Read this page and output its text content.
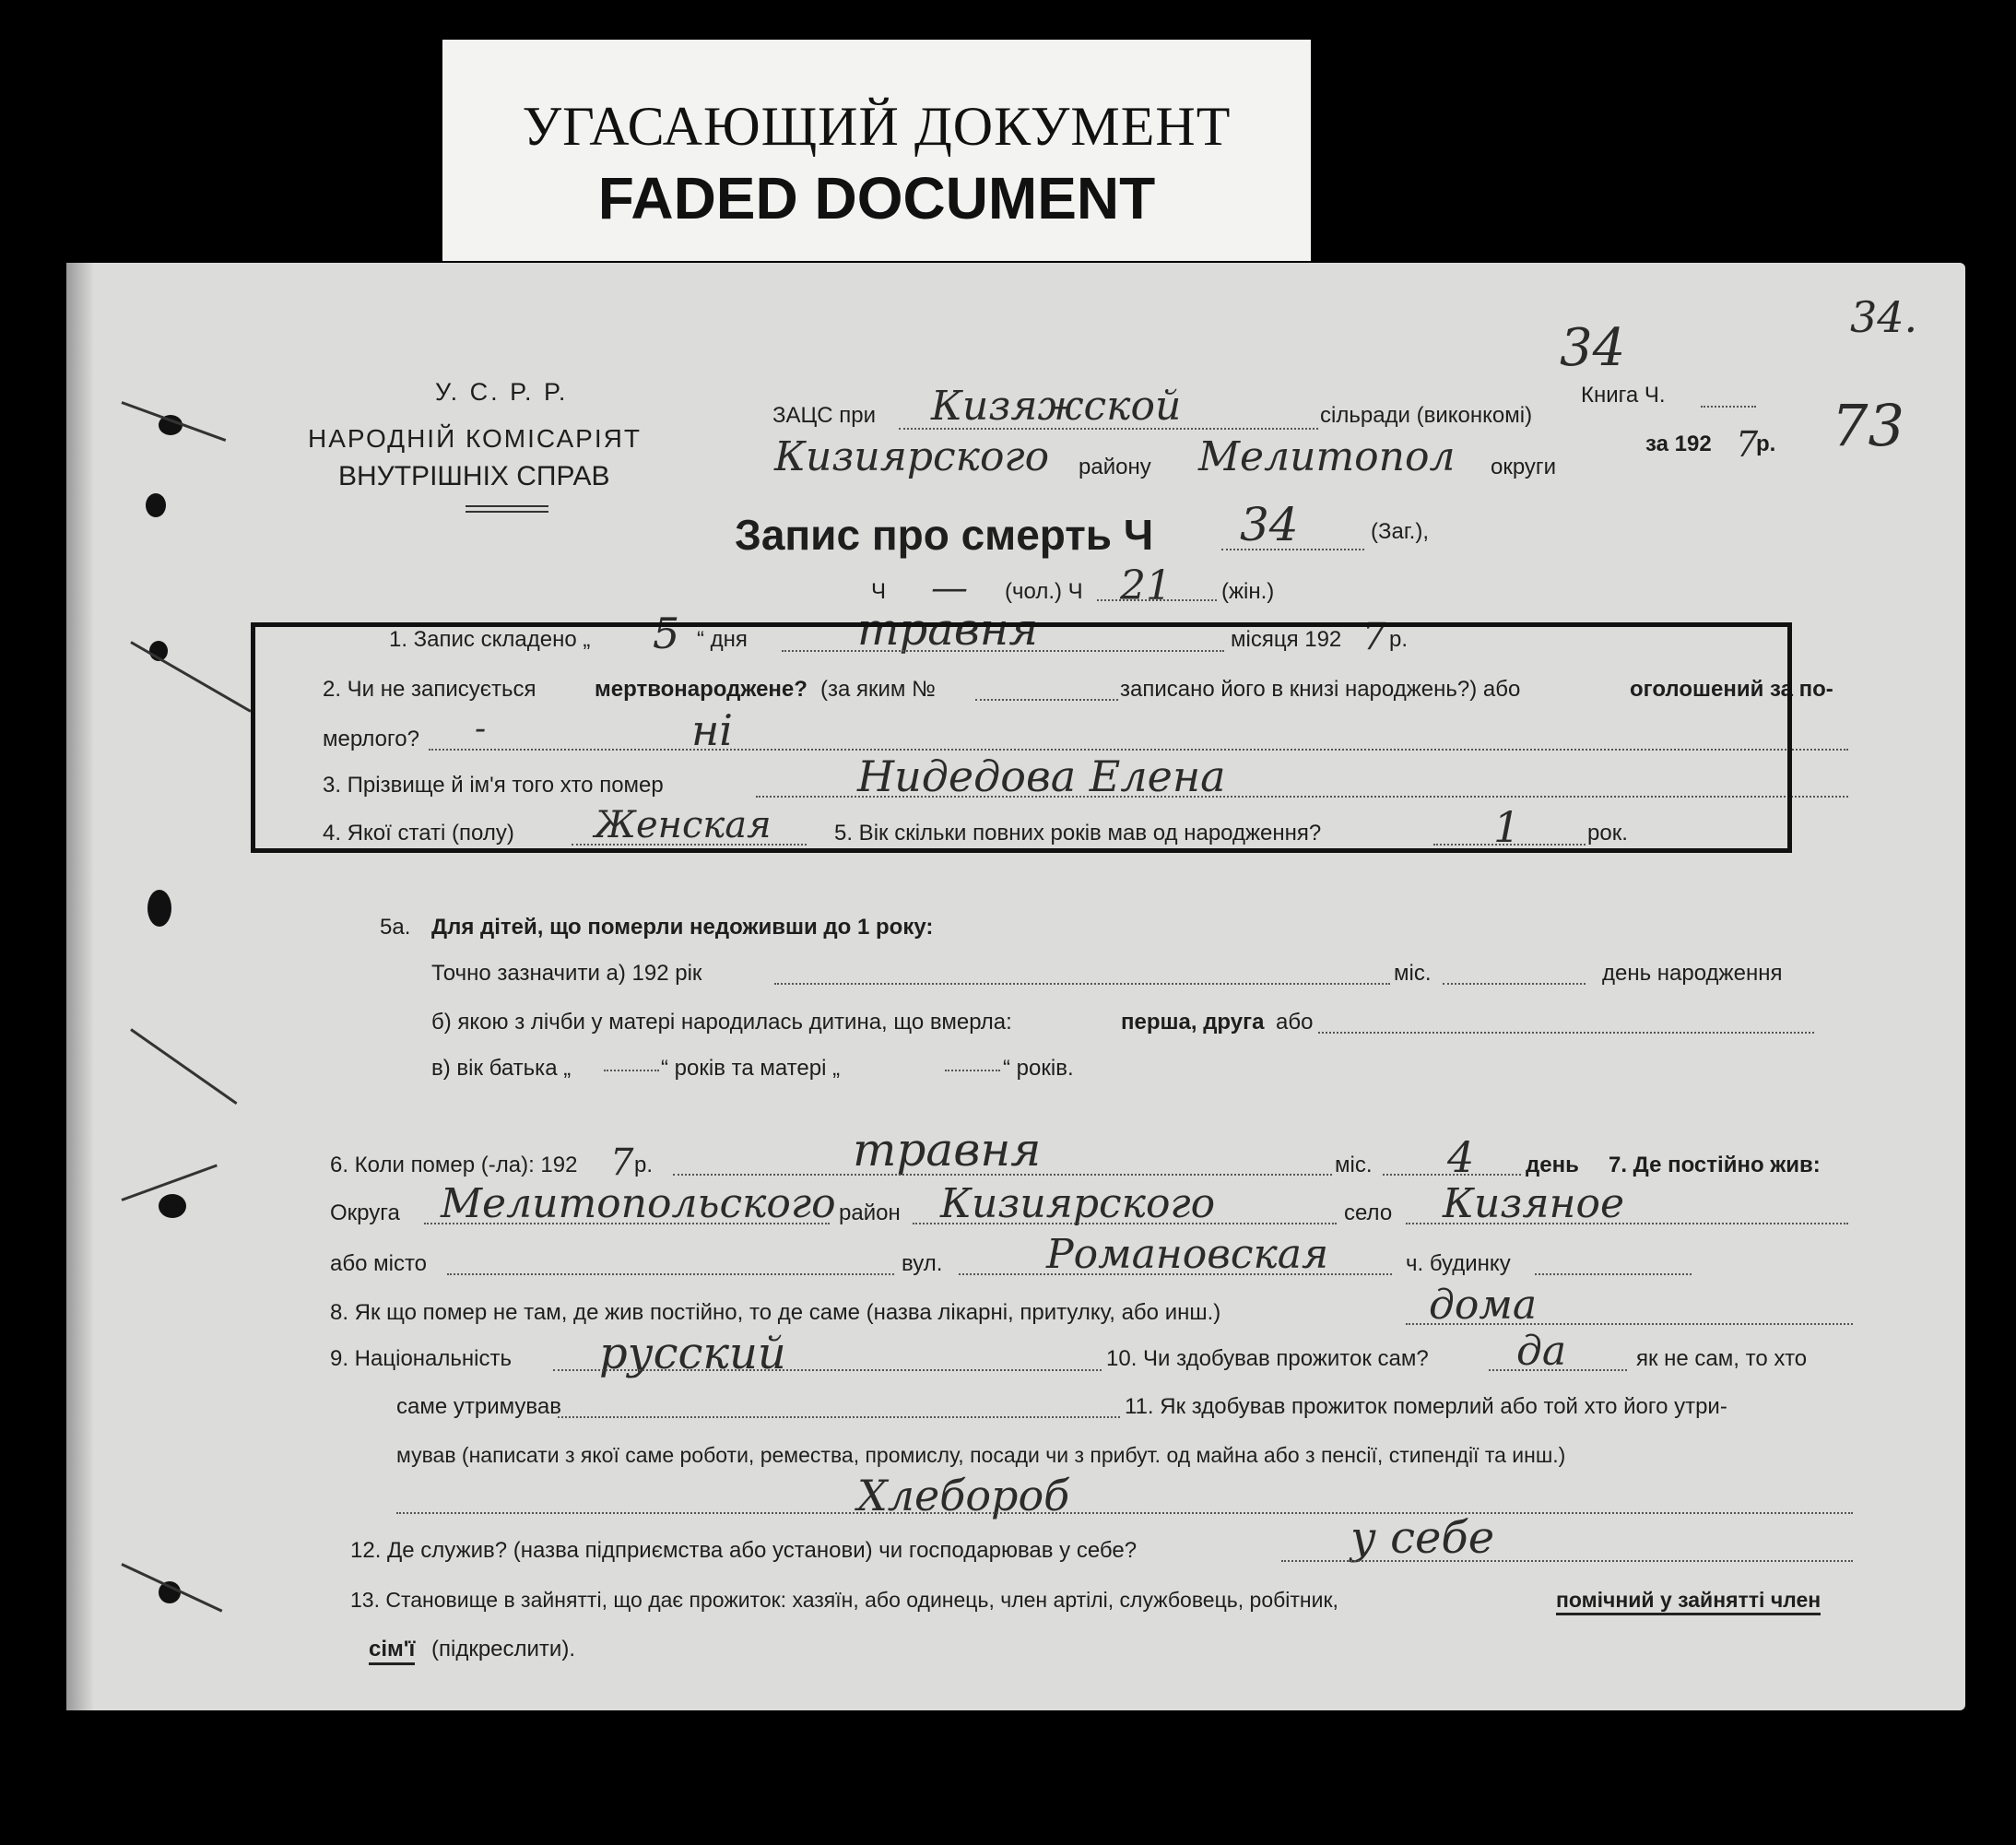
УГАСАЮЩИЙ ДОКУМЕНТ
FADED DOCUMENT
34
34.
73
У. С. Р. Р.
НАРОДНІЙ КОМІСАРІЯТ
ВНУТРІШНІХ СПРАВ
ЗАЦС при Кизяжской	сільради (виконкомі)
Кизиярского району Мелитопол округи
Книга Ч.
за 192 7
р.
Запис про смерть Ч 34	(Заг.),
Ч — (чол.) Ч 21 (жін.)
1. Запис складено „ 5 “ дня травня	місяця 192 7 р.
2. Чи не записується	мертвонароджене? (за яким №	записано його в книзі народжень?) або	оголошений за по-
мерлого? -	ні
3. Прізвище й ім'я того хто помер	Нидедова Елена
4. Якої статі (полу) Женская	5. Вік скільки повних років мав од народження?	1	рок.
5а. Для дітей, що померли недоживши до 1 року:
Точно зазначити а) 192 рік	міс.	день народження
б) якою з лічби у матері народилась дитина, що вмерла:	перша, друга або
в) вік батька „	“ років та матері „	“ років.
6. Коли помер (-ла): 192 7 р.	травня	міс. 4 день 7. Де постійно жив:
Округа Мелитопольского район Кизиярского	село Кизяное
або місто	вул.	Романовская	ч. будинку
8. Як що помер не там, де жив постійно, то де саме (назва лікарні, притулку, або инш.)	дома
9. Національність русский	10. Чи здобував прожиток сам? да	як не сам, то хто
саме утримував	11. Як здобував прожиток померлий або той хто його утри-
мував (написати з якої саме роботи, ремества, промислу, посади чи з прибут. од майна або з пенсії, стипендії та инш.)
Хлебороб
12. Де служив? (назва підприємства або установи) чи господарював у себе?	у себе
13. Становище в зайнятті, що дає прожиток: хазяїн, або одинець, член артілі, службовець, робітник,	помічний у зайнятті член
сім'ї (підкреслити).
